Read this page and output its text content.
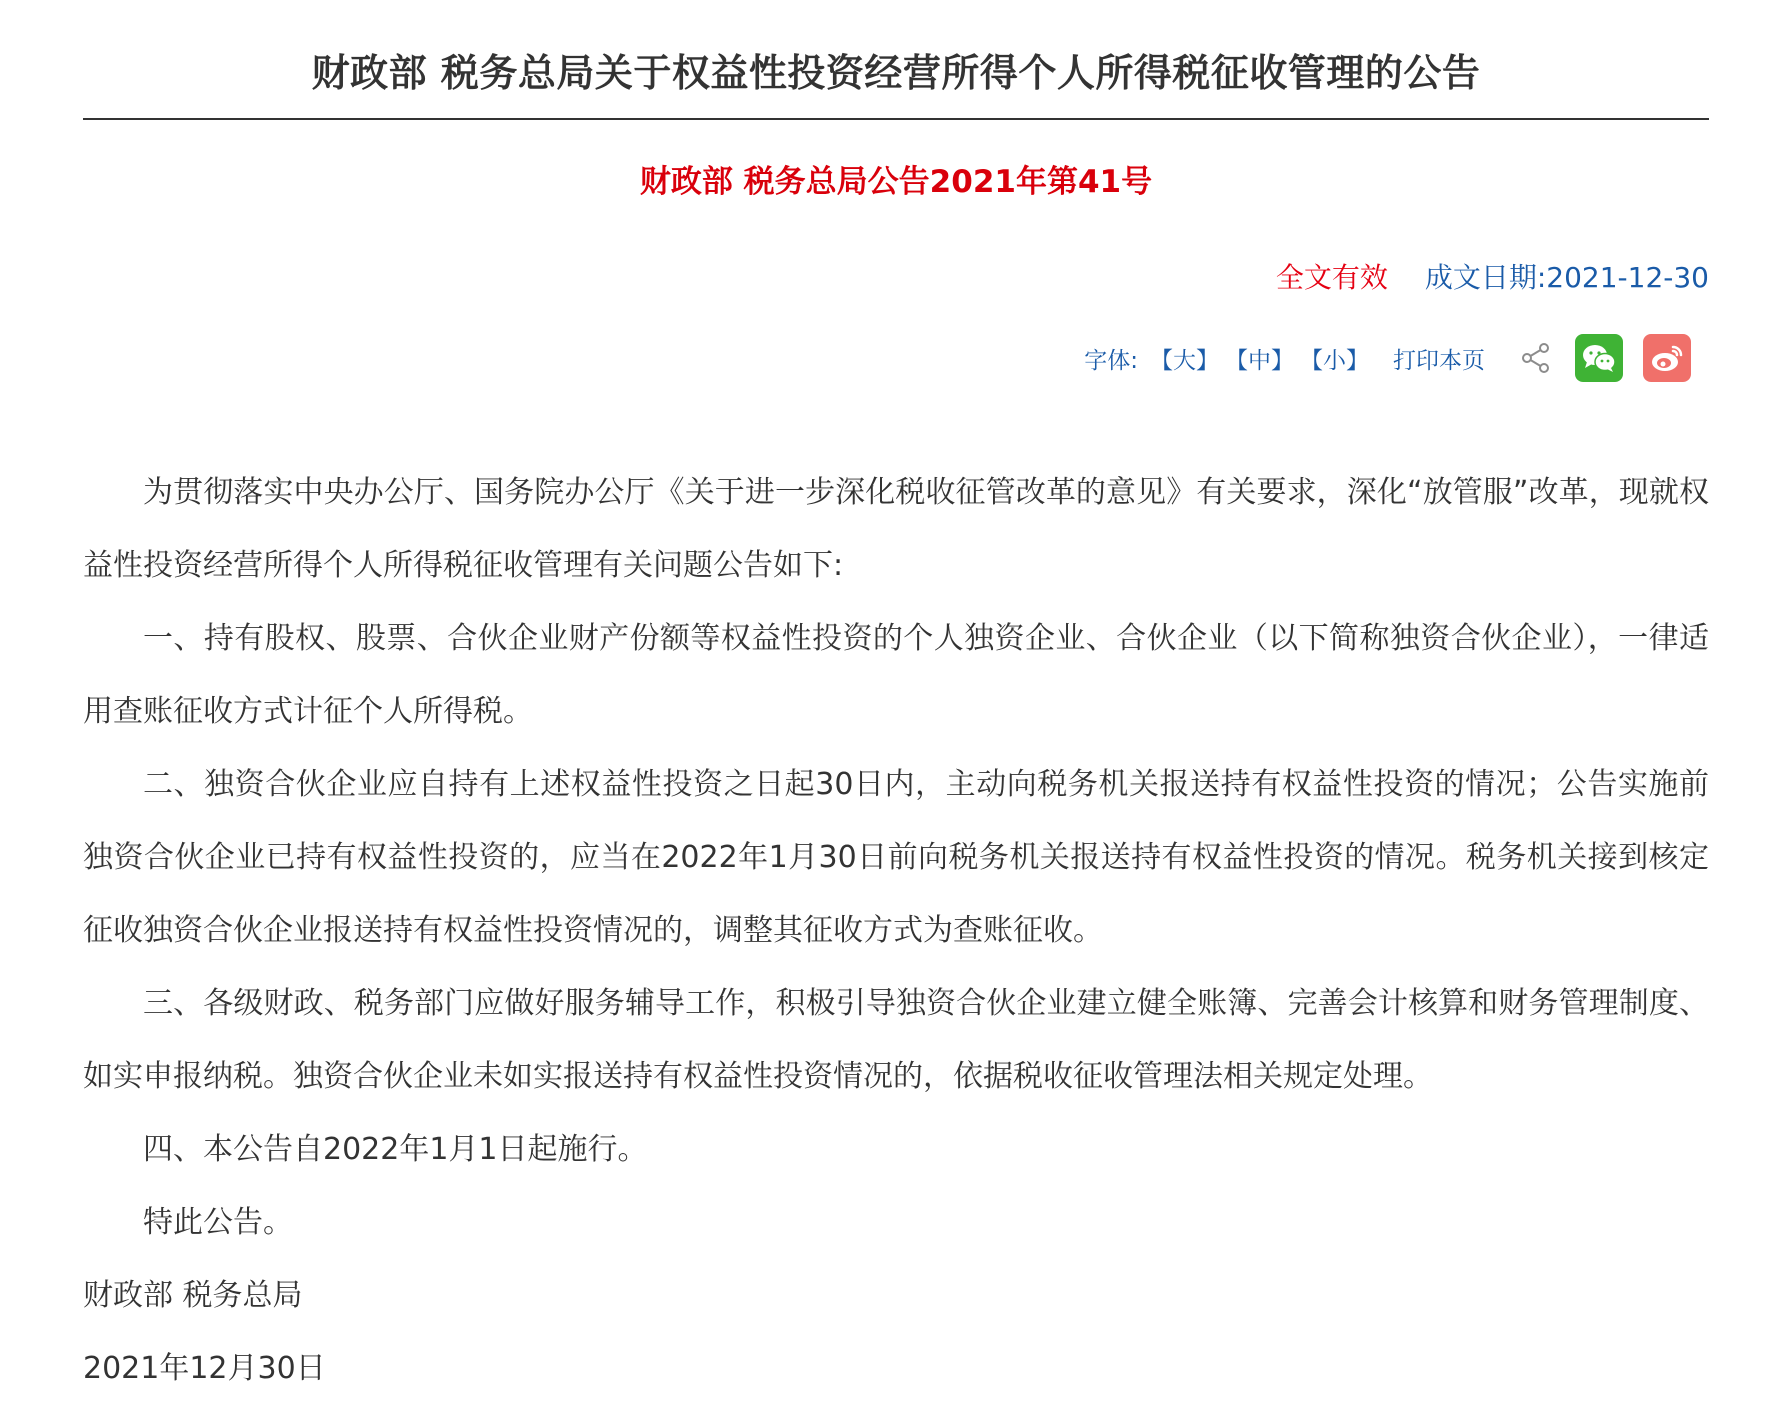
财政部 税务总局关于权益性投资经营所得个人所得税征收管理的公告
财政部 税务总局公告2021年第41号
全文有效 成文日期:2021-12-30
字体: 【大】 【中】 【小】 打印本页

为贯彻落实中央办公厅、国务院办公厅《关于进一步深化税收征管改革的意见》有关要求，深化“放管服”改革，现就权益性投资经营所得个人所得税征收管理有关问题公告如下:

一、持有股权、股票、合伙企业财产份额等权益性投资的个人独资企业、合伙企业（以下简称独资合伙企业），一律适用查账征收方式计征个人所得税。

二、独资合伙企业应自持有上述权益性投资之日起30日内，主动向税务机关报送持有权益性投资的情况；公告实施前独资合伙企业已持有权益性投资的，应当在2022年1月30日前向税务机关报送持有权益性投资的情况。税务机关接到核定征收独资合伙企业报送持有权益性投资情况的，调整其征收方式为查账征收。

三、各级财政、税务部门应做好服务辅导工作，积极引导独资合伙企业建立健全账簿、完善会计核算和财务管理制度、如实申报纳税。独资合伙企业未如实报送持有权益性投资情况的，依据税收征收管理法相关规定处理。

四、本公告自2022年1月1日起施行。

特此公告。

财政部 税务总局

2021年12月30日
